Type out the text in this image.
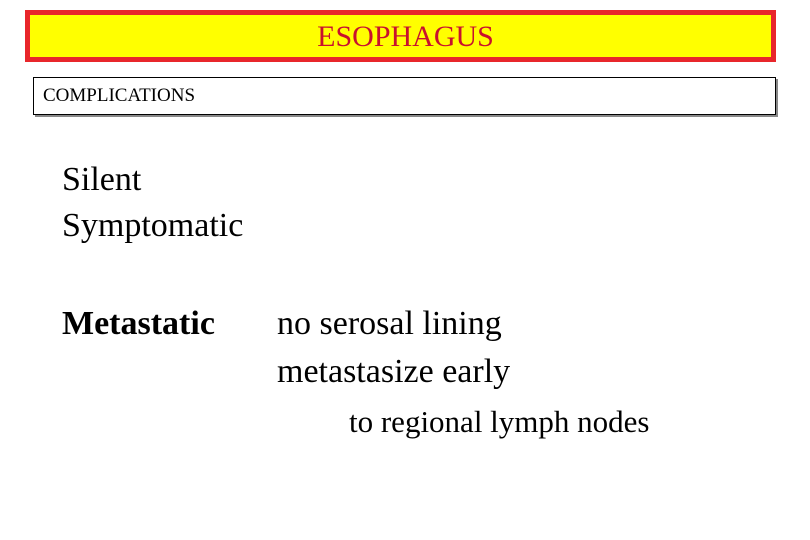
ESOPHAGUS
COMPLICATIONS
Silent
Symptomatic
Metastatic no serosal lining
metastasize early
to regional lymph nodes
